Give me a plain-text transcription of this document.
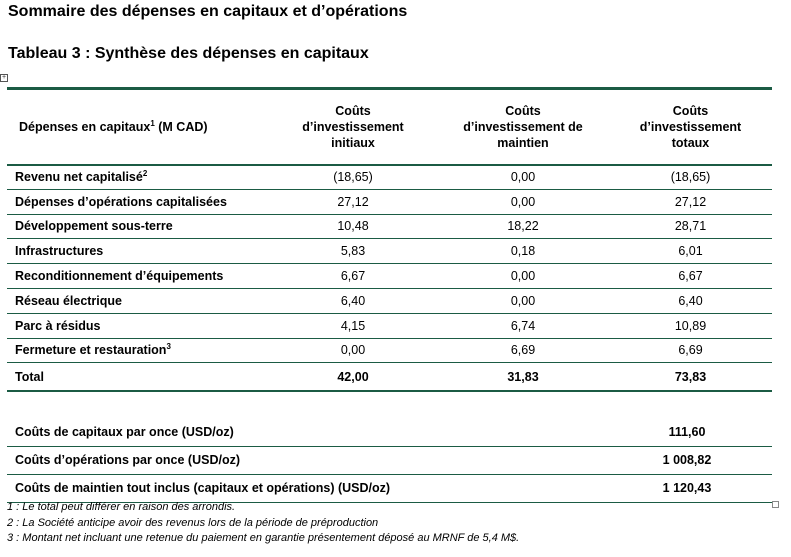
Sommaire des dépenses en capitaux et d’opérations
Tableau 3 : Synthèse des dépenses en capitaux
+
Dépenses en capitaux$^1$ (M CAD)	Coûts d’investissement initiaux	Coûts d’investissement de maintien	Coûts d’investissement totaux

Revenu net capitalisé$^2$	(18,65)	0,00	(18,65)
Dépenses d’opérations capitalisées	27,12	0,00	27,12
Développement sous-terre	10,48	18,22	28,71
Infrastructures	5,83	0,18	6,01
Reconditionnement d’équipements	6,67	0,00	6,67
Réseau électrique	6,40	0,00	6,40
Parc à résidus	4,15	6,74	10,89
Fermeture et restauration$^3$	0,00	6,69	6,69
Total	42,00	31,83	73,83
Coûts de capitaux par once (USD/oz)	111,60
Coûts d’opérations par once (USD/oz)	1 008,82
Coûts de maintien tout inclus (capitaux et opérations) (USD/oz)	1 120,43
1 : Le total peut différer en raison des arrondis.
2 : La Société anticipe avoir des revenus lors de la période de préproduction
3 : Montant net incluant une retenue du paiement en garantie présentement déposé au MRNF de 5,4 M$.
